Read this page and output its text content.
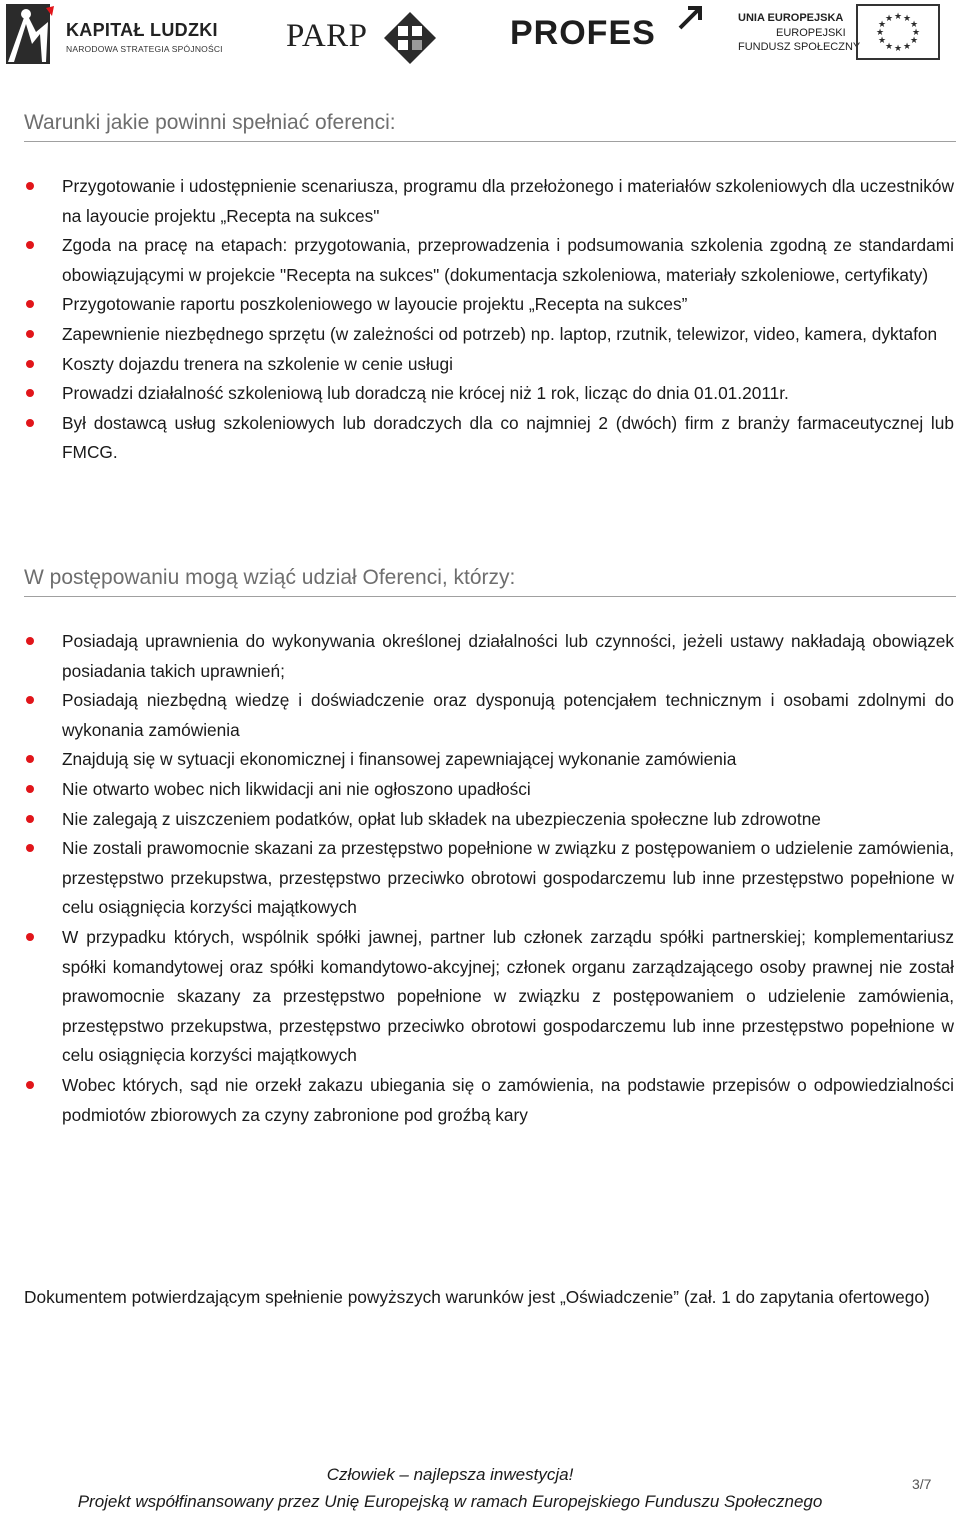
KAPITAŁ LUDZKI
NARODOWA STRATEGIA SPÓJNOŚCI PARP	PROFES	UNIA EUROPEJSKA
EUROPEJSKI
FUNDUSZ SPOŁECZNY
★ ★
★
★
★
★
★
★
★
★
★
★
Warunki jakie powinni spełniać oferenci:
Przygotowanie i udostępnienie scenariusza, programu dla przełożonego i materiałów szkoleniowych dla uczestników na layoucie projektu „Recepta na sukces"
Zgoda na pracę na etapach: przygotowania, przeprowadzenia i podsumowania szkolenia zgodną ze standardami obowiązującymi w projekcie "Recepta na sukces" (dokumentacja szkoleniowa, materiały szkoleniowe, certyfikaty)
Przygotowanie raportu poszkoleniowego w layoucie projektu „Recepta na sukces”
Zapewnienie niezbędnego sprzętu (w zależności od potrzeb) np. laptop, rzutnik, telewizor, video, kamera, dyktafon
Koszty dojazdu trenera na szkolenie w cenie usługi
Prowadzi działalność szkoleniową lub doradczą nie krócej niż 1 rok, licząc do dnia 01.01.2011r.
Był dostawcą usług szkoleniowych lub doradczych dla co najmniej 2 (dwóch) firm z branży farmaceutycznej lub FMCG.
W postępowaniu mogą wziąć udział Oferenci, którzy:
Posiadają uprawnienia do wykonywania określonej działalności lub czynności, jeżeli ustawy nakładają obowiązek posiadania takich uprawnień;
Posiadają niezbędną wiedzę i doświadczenie oraz dysponują potencjałem technicznym i osobami zdolnymi do wykonania zamówienia
Znajdują się w sytuacji ekonomicznej i finansowej zapewniającej wykonanie zamówienia
Nie otwarto wobec nich likwidacji ani nie ogłoszono upadłości
Nie zalegają z uiszczeniem podatków, opłat lub składek na ubezpieczenia społeczne lub zdrowotne
Nie zostali prawomocnie skazani za przestępstwo popełnione w związku z postępowaniem o udzielenie zamówienia, przestępstwo przekupstwa, przestępstwo przeciwko obrotowi gospodarczemu lub inne przestępstwo popełnione w celu osiągnięcia korzyści majątkowych
W przypadku których, wspólnik spółki jawnej, partner lub członek zarządu spółki partnerskiej; komplementariusz spółki komandytowej oraz spółki komandytowo-akcyjnej; członek organu zarządzającego osoby prawnej nie został prawomocnie skazany za przestępstwo popełnione w związku z postępowaniem o udzielenie zamówienia, przestępstwo przekupstwa, przestępstwo przeciwko obrotowi gospodarczemu lub inne przestępstwo popełnione w celu osiągnięcia korzyści majątkowych
Wobec których, sąd nie orzekł zakazu ubiegania się o zamówienia, na podstawie przepisów o odpowiedzialności podmiotów zbiorowych za czyny zabronione pod groźbą kary
Dokumentem potwierdzającym spełnienie powyższych warunków jest „Oświadczenie” (zał. 1 do zapytania ofertowego)
Człowiek – najlepsza inwestycja!
Projekt współfinansowany przez Unię Europejską w ramach Europejskiego Funduszu Społecznego
3/7
